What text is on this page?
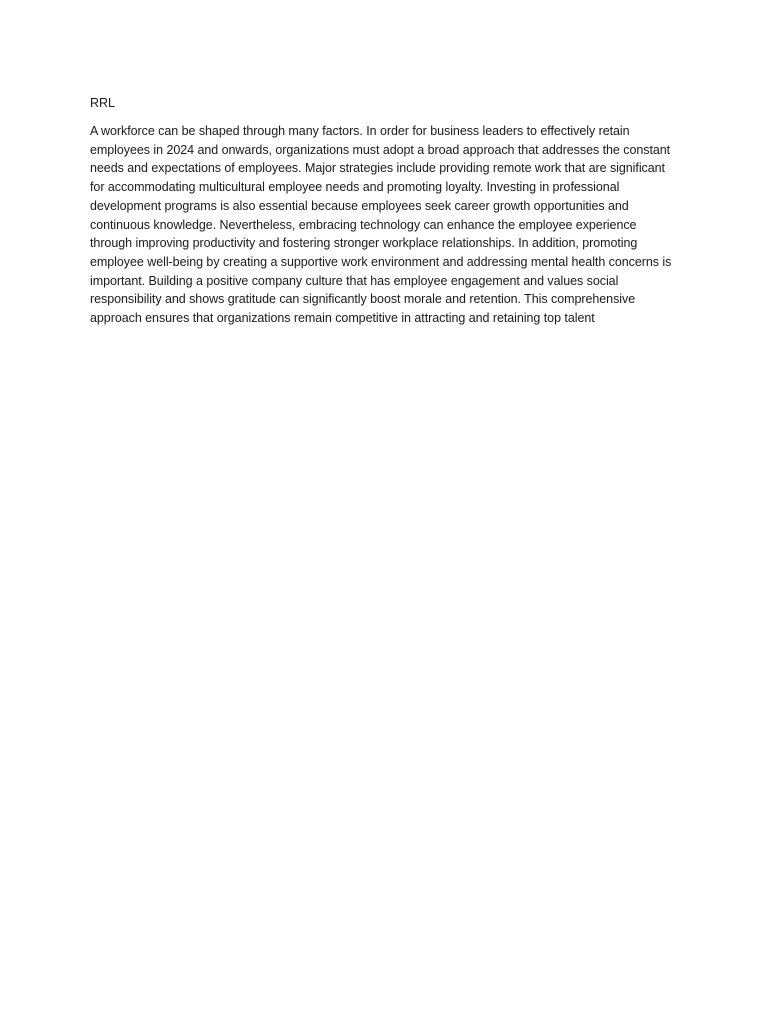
RRL

A workforce can be shaped through many factors. In order for business leaders to effectively retain employees in 2024 and onwards, organizations must adopt a broad approach that addresses the constant needs and expectations of employees. Major strategies include providing remote work that are significant for accommodating multicultural employee needs and promoting loyalty. Investing in professional development programs is also essential because employees seek career growth opportunities and continuous knowledge. Nevertheless, embracing technology can enhance the employee experience through improving productivity and fostering stronger workplace relationships. In addition, promoting employee well-being by creating a supportive work environment and addressing mental health concerns is important. Building a positive company culture that has employee engagement and values social responsibility and shows gratitude can significantly boost morale and retention. This comprehensive approach ensures that organizations remain competitive in attracting and retaining top talent
